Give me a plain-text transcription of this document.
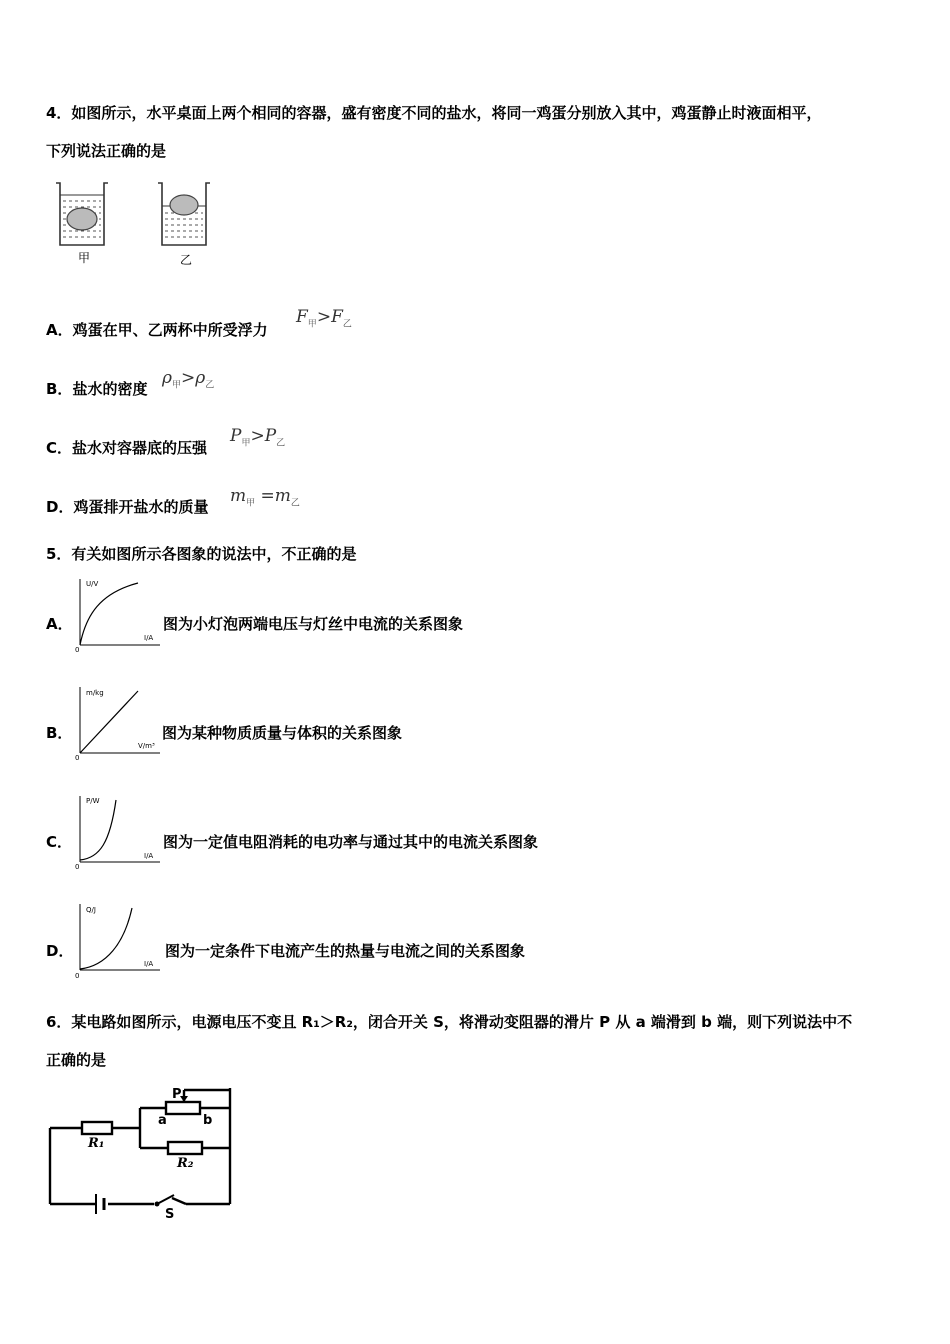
4．如图所示，水平桌面上两个相同的容器，盛有密度不同的盐水，将同一鸡蛋分别放入其中，鸡蛋静止时液面相平，
下列说法正确的是
甲	乙
A．鸡蛋在甲、乙两杯中所受浮力
$F_甲>F_乙$
B．盐水的密度
$\rho_甲>\rho_乙$
C．盐水对容器底的压强
$P_甲>P_乙$
D．鸡蛋排开盐水的质量
$m_甲 =m_乙$
5．有关如图所示各图象的说法中，不正确的是
U/V
I/A
0
A．	图为小灯泡两端电压与灯丝中电流的关系图象
m/kg
V/m³
0
B．	图为某种物质质量与体积的关系图象
P/W
I/A
0
C．	图为一定值电阻消耗的电功率与通过其中的电流关系图象
Q/J
I/A
0
D．	图为一定条件下电流产生的热量与电流之间的关系图象
6．某电路如图所示，电源电压不变且 R₁＞R₂，闭合开关 S，将滑动变阻器的滑片 P 从 a 端滑到 b 端，则下列说法中不
正确的是
P
a	b
R₁
R₂
S
